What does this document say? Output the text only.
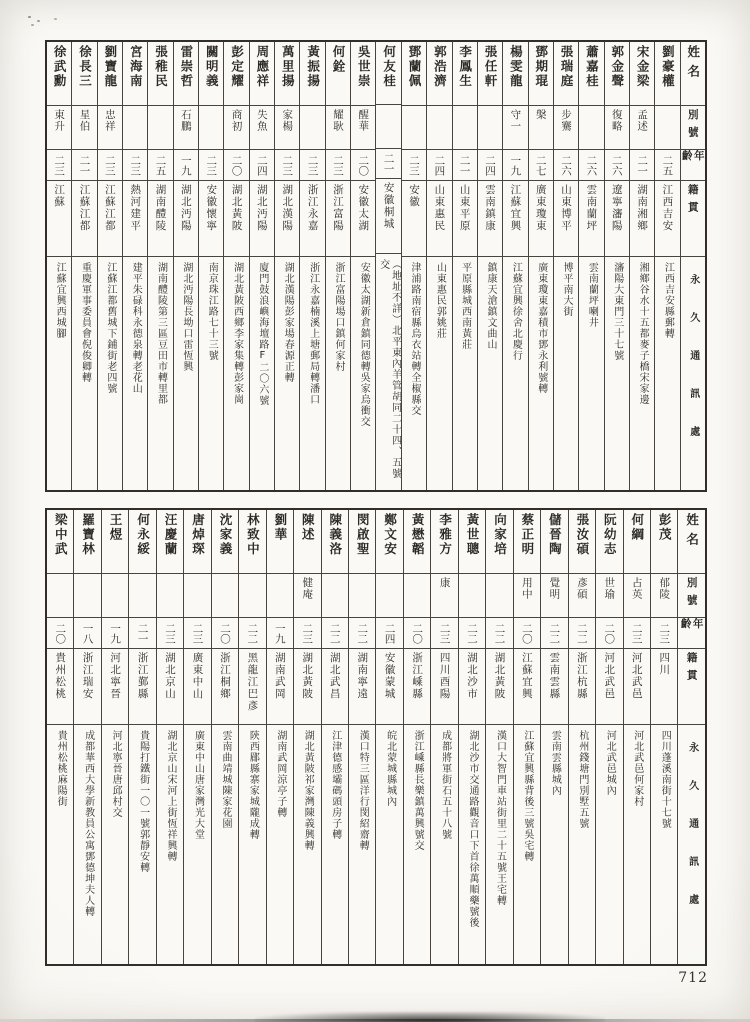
徐武勳
東升
二三
江蘇
江蘇宜興西城腳
徐長三
星伯
二一
江蘇江都
重慶軍事委員會倪俊卿轉
劉寶龍
忠祥
二三
江蘇江都
江蘇江都舊城下鋪街老四號
宮海南
二三
熱河建平
建平朱碌科永德泉轉老花山
張稚民
二五
湖南醴陵
湖南醴陵第三區豆田市轉里都
雷崇哲
石鵬
一九
湖北沔陽
湖北沔陽長坳口雷恆興
關明義
二三
安徽懷寧
南京珠江路七十三號
彭定耀
商初
二〇
湖北黃陂
湖北黃陂西鄉李家集轉彭家崗
周應祥
失魚
二四
湖北沔陽
廈門鼓浪嶼海壇路F二〇六號
萬里揚
家楊
二三
湖北漢陽
湖北漢陽彭家場春源正轉
黃振揚
二三
浙江永嘉
浙江永嘉楠溪上塘郵局轉潘口
何銓
耀耿
二三
浙江富陽
浙江富陽場口鎮何家村
吳世崇
醒華
二〇
安徽太湖
安徽太湖新倉鎮同德轉吳家烏衝交
何友桂
二一
安徽桐城
（地址不詳）北平東內羊管胡同二十四、五號交
鄧蘭佩
二三
安徽
津浦路南宿縣烏衣站轉全椒縣交
郭浩濟
二四
山東惠民
山東惠民郭姚莊
李鳳生
二一
山東平原
平原縣城西南黃莊
張任軒
二四
雲南鎮康
鎮康天滄鎮文曲山
楊雯龍
守一
一九
江蘇宜興
江蘇宜興徐舍北慶行
鄧期琨
槃
二七
廣東瓊東
廣東瓊東嘉積市鄧永利號轉
張瑞庭
步騫
二六
山東博平
博平南大街
蕭嘉桂
二六
雲南蘭坪
雲南蘭坪喇井
郭金聲
復略
二六
遼寧瀋陽
瀋陽大東門三十七號
宋金梁
孟述
二一
湖南湘鄉
湘鄉谷水十五都麥子橋宋家邊
劉豪權
二五
江西吉安
江西吉安縣郵轉
姓名
別號
年齡
籍貫
永久通訊處
梁中武
二〇
貴州松桃
貴州松桃麻陽街
羅寶林
一八
浙江瑞安
成都華西大學新教員公寓鄧德坤夫人轉
王煜
一九
河北寧晉
河北寧晉唐邱村交
何永綏
二一
浙江鄞縣
貴陽打鐵街一〇一號郭靜安轉
汪慶蘭
二三
湖北京山
湖北京山宋河上街恆祥興轉
唐焯琛
二三
廣東中山
廣東中山唐家灣光大堂
沈家義
二〇
浙江桐鄉
雲南曲靖城陳家花園
林致中
二二
黑龍江巴彥
陝西郿縣寨家城隴成轉
劉華
一九
湖南武岡
湖南武岡涼亭子轉
陳述
健庵
二三
湖北黃陂
湖北黃陂祁家灣陳義興轉
陳義洛
二二
湖北武昌
江津德感壩碼頭房子轉
閔啟聖
二二
湖南寧遠
漢口特三區洋行閔紹齋轉
鄭文安
二四
安徽蒙城
皖北蒙城縣城內
黃懋韜
二〇
浙江嵊縣
浙江嵊縣長樂鎮萬興號交
李雅方
康
二三
四川酉陽
成都將軍街石五十八號
黃世聰
二二
湖北沙市
湖北沙市交通路觀音口下首徐萬順藥號後
向家培
二二
湖北黃陂
漢口大智門車站街里二十五號王宅轉
蔡正明
用中
二〇
江蘇宜興
江蘇宜興縣背後三號吳宅轉
儲晉陶
覺明
二二
雲南雲縣
雲南雲縣城內
張汝碩
彥碩
二二
浙江杭縣
杭州錢塘門別墅五號
阮幼志
世瑜
二〇
河北武邑
河北武邑城內
何綱
占英
二三
河北武邑
河北武邑何家村
彭茂
郁陵
二三
四川
四川蓬溪南街十七號
姓名
別號
年齡
籍貫
永久通訊處
712
